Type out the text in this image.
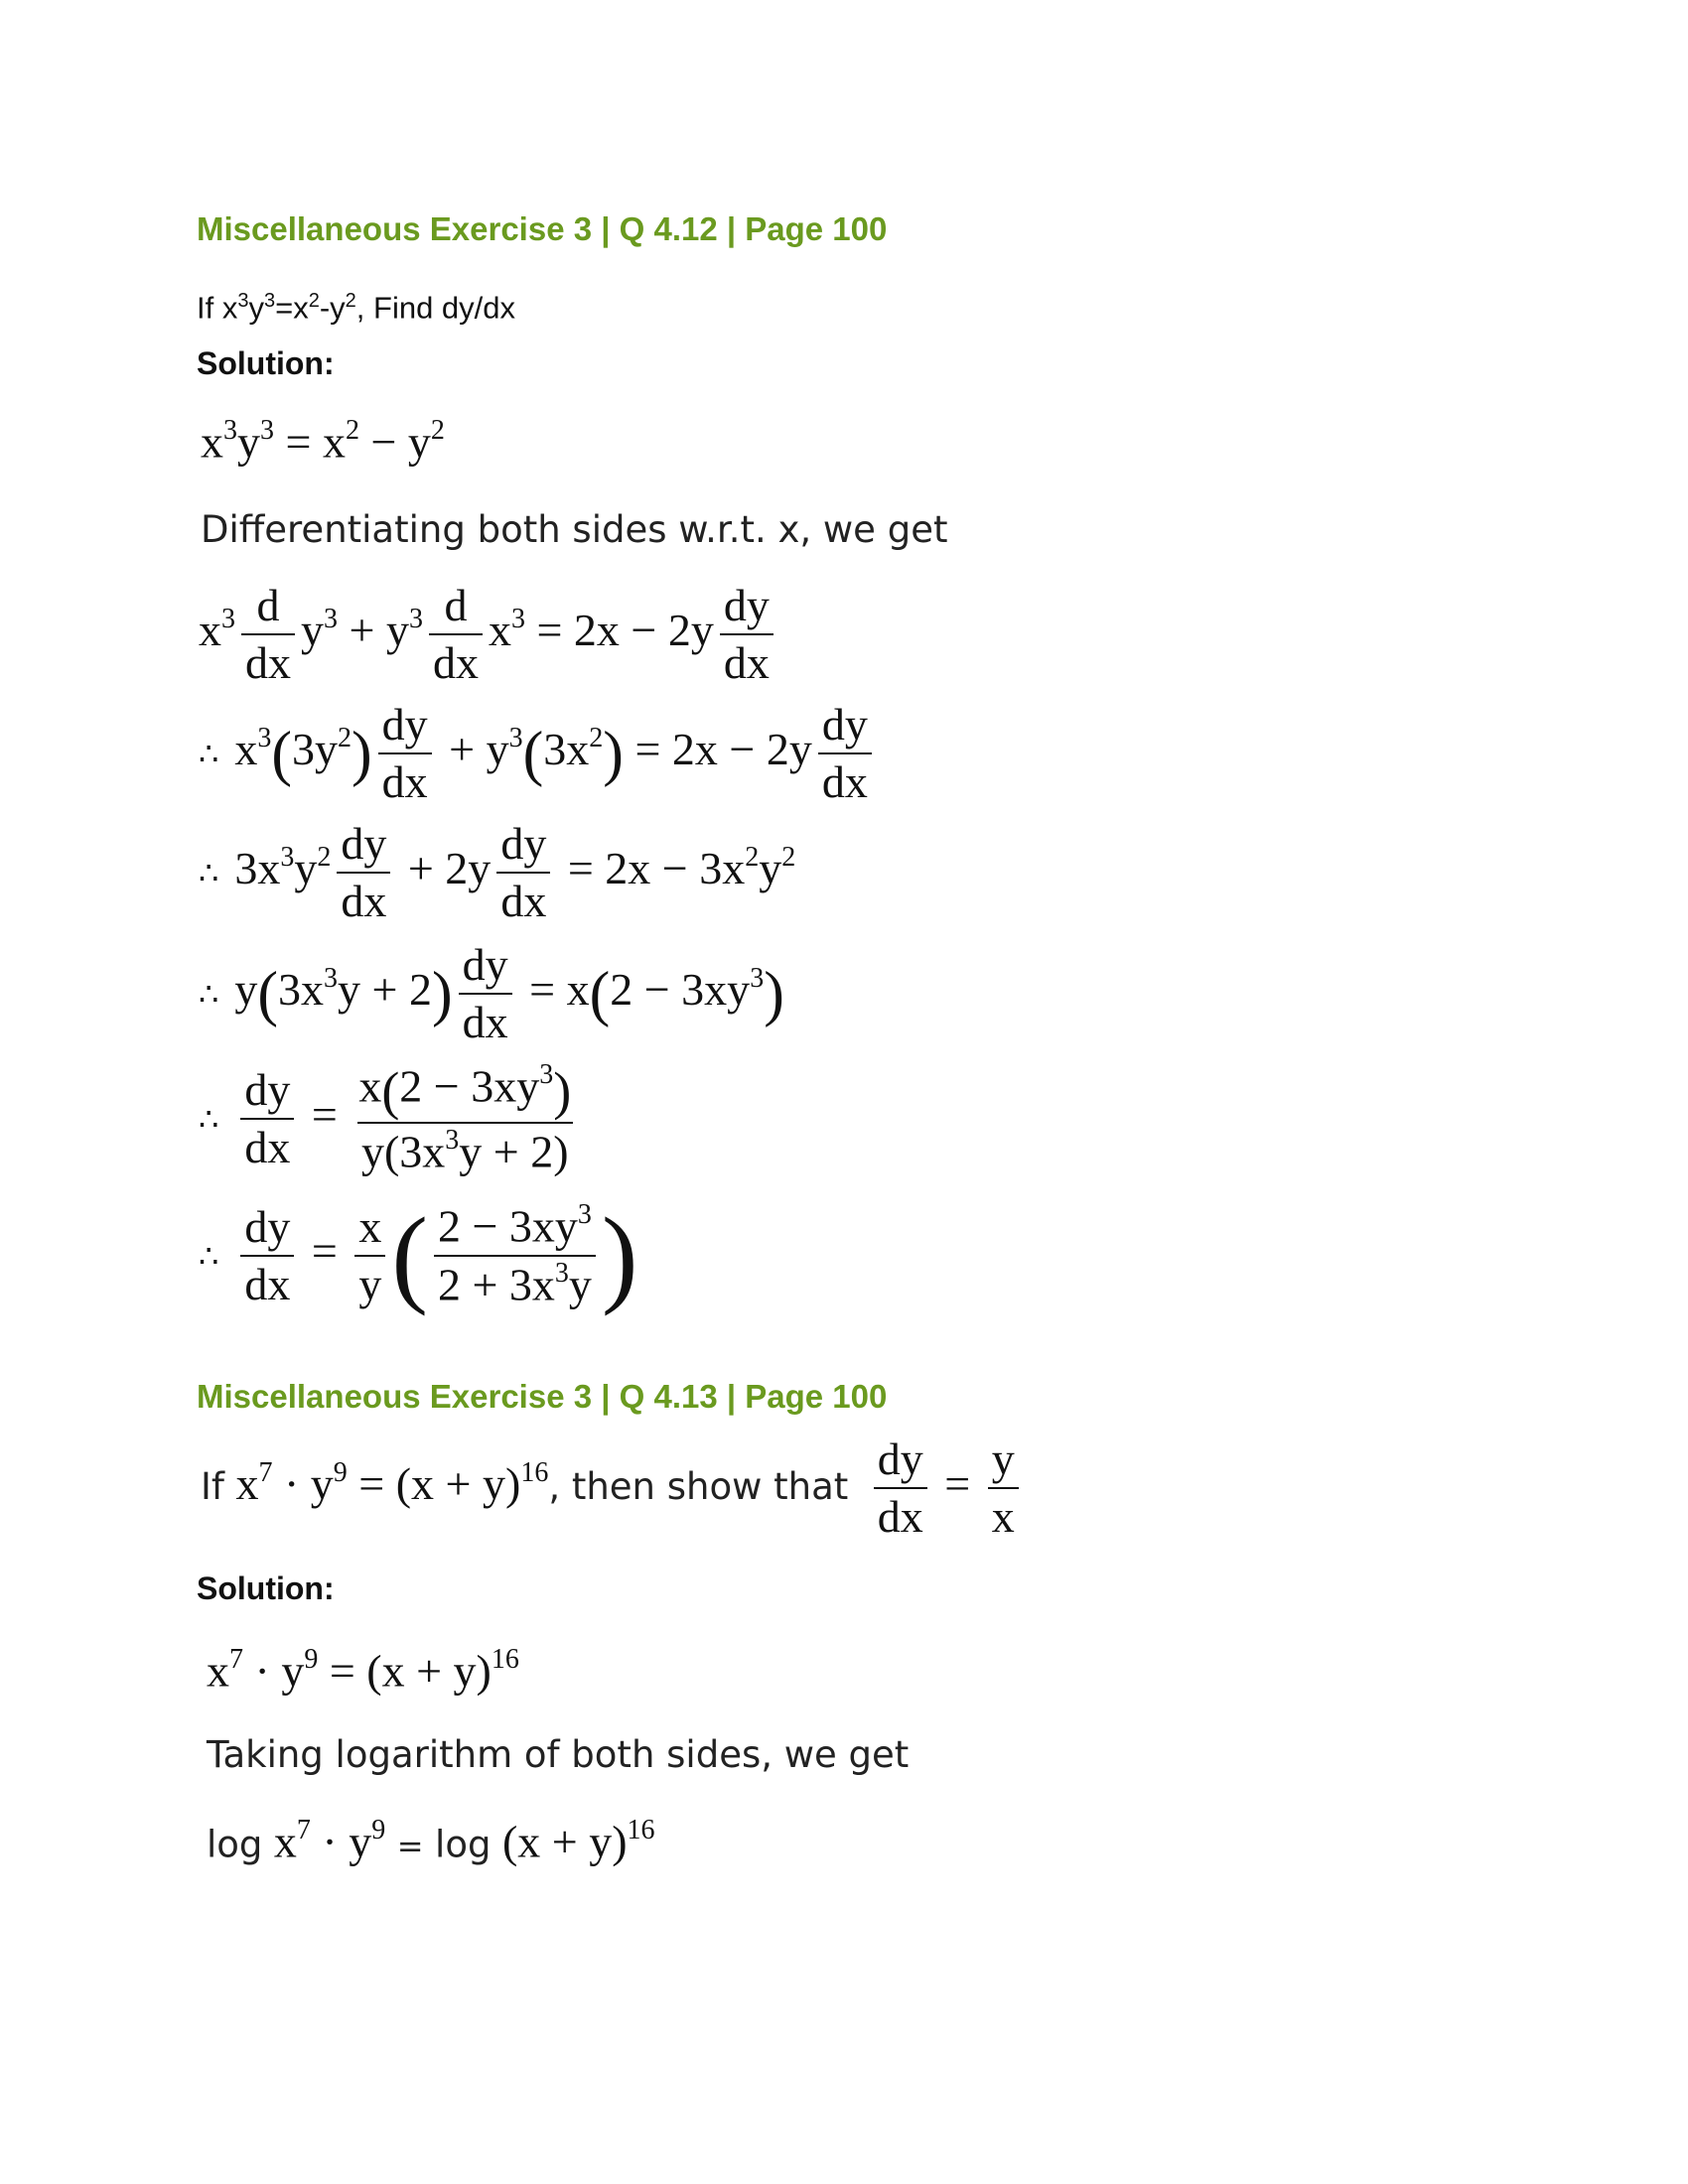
Miscellaneous Exercise 3 | Q 4.12 | Page 100
If $x^3y^3=x^2-y^2$, Find dy/dx
Solution:
$x^3y^3 = x^2 - y^2$
Differentiating both sides w.r.t. x, we get
$x^3 \frac{d}{dx} y^3 + y^3 \frac{d}{dx} x^3 = 2x - 2y \frac{dy}{dx}$
∴ $x^3(3y^2) \frac{dy}{dx} + y^3(3x^2) = 2x - 2y \frac{dy}{dx}$
∴ $3x^3y^2 \frac{dy}{dx} + 2y \frac{dy}{dx} = 2x - 3x^2y^2$
∴ $y(3x^3y + 2) \frac{dy}{dx} = x(2 - 3xy^3)$
∴ $\frac{dy}{dx} = \frac{x(2 - 3xy^3)}{y(3x^3y + 2)}$
∴ $\frac{dy}{dx} = \frac{x}{y}$ ( $\frac{2 - 3xy^3}{2 + 3x^3y}$ )
Miscellaneous Exercise 3 | Q 4.13 | Page 100
If $x^7 \cdot y^9 = (x + y)^{16}$, then show that $\frac{dy}{dx} = \frac{y}{x}$
Solution:
$x^7 \cdot y^9 = (x + y)^{16}$
Taking logarithm of both sides, we get
$\log x^7 \cdot y^9 = \log (x + y)^{16}$
